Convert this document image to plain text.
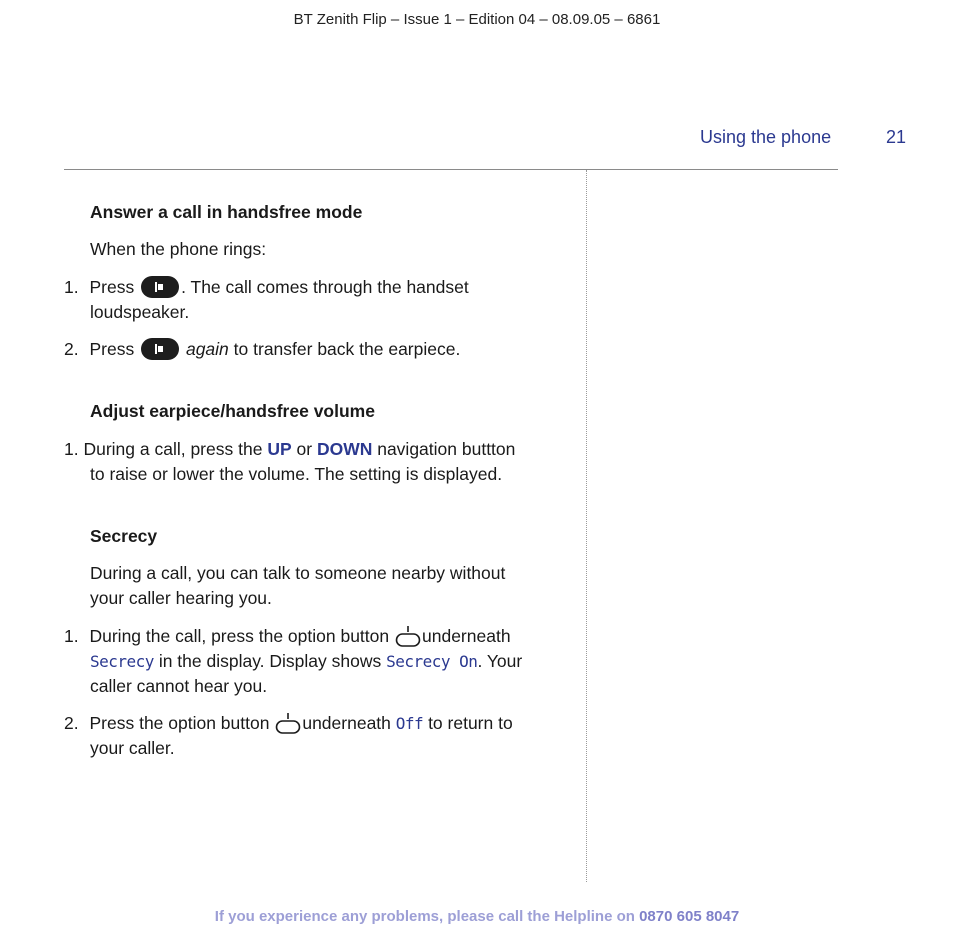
BT Zenith Flip – Issue 1 – Edition 04 – 08.09.05 – 6861
Using the phone	21
Answer a call in handsfree mode
When the phone rings:
1. Press	. The call comes through the handset
loudspeaker.
2. Press	again to transfer back the earpiece.
Adjust earpiece/handsfree volume
1. During a call, press the UP or DOWN navigation buttton
to raise or lower the volume. The setting is displayed.
Secrecy
During a call, you can talk to someone nearby without
your caller hearing you.
1. During the call, press the option button underneath
Secrecy in the display. Display shows Secrecy On. Your
caller cannot hear you.
2. Press the option button underneath Off to return to
your caller.
If you experience any problems, please call the Helpline on 0870 605 8047
